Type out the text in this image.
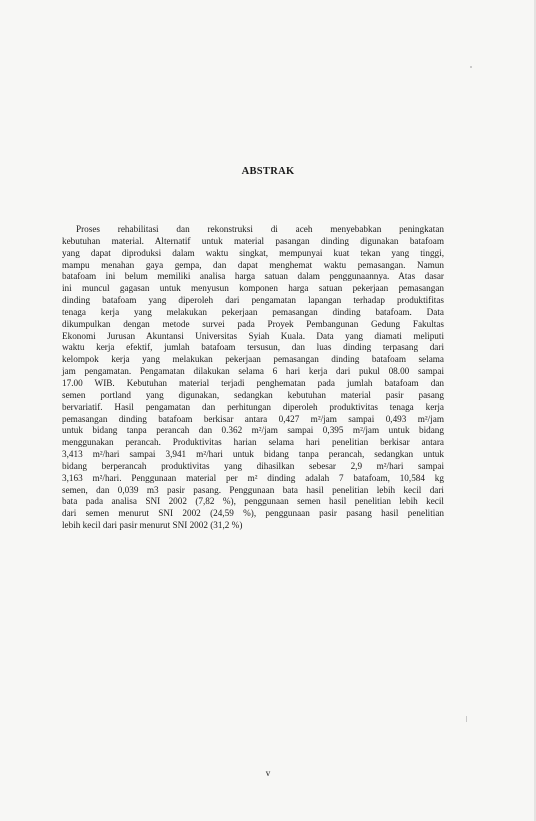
ABSTRAK
Proses rehabilitasi dan rekonstruksi di aceh menyebabkan peningkatan
kebutuhan material. Alternatif untuk material pasangan dinding digunakan batafoam
yang dapat diproduksi dalam waktu singkat, mempunyai kuat tekan yang tinggi,
mampu menahan gaya gempa, dan dapat menghemat waktu pemasangan. Namun
batafoam ini belum memiliki analisa harga satuan dalam penggunaannya. Atas dasar
ini muncul gagasan untuk menyusun komponen harga satuan pekerjaan pemasangan
dinding batafoam yang diperoleh dari pengamatan lapangan terhadap produktifitas
tenaga kerja yang melakukan pekerjaan pemasangan dinding batafoam. Data
dikumpulkan dengan metode survei pada Proyek Pembangunan Gedung Fakultas
Ekonomi Jurusan Akuntansi Universitas Syiah Kuala. Data yang diamati meliputi
waktu kerja efektif, jumlah batafoam tersusun, dan luas dinding terpasang dari
kelompok kerja yang melakukan pekerjaan pemasangan dinding batafoam selama
jam pengamatan. Pengamatan dilakukan selama 6 hari kerja dari pukul 08.00 sampai
17.00 WIB. Kebutuhan material terjadi penghematan pada jumlah batafoam dan
semen portland yang digunakan, sedangkan kebutuhan material pasir pasang
bervariatif. Hasil pengamatan dan perhitungan diperoleh produktivitas tenaga kerja
pemasangan dinding batafoam berkisar antara 0,427 m²/jam sampai 0,493 m²/jam
untuk bidang tanpa perancah dan 0.362 m²/jam sampai 0,395 m²/jam untuk bidang
menggunakan perancah. Produktivitas harian selama hari penelitian berkisar antara
3,413 m²/hari sampai 3,941 m²/hari untuk bidang tanpa perancah, sedangkan untuk
bidang berperancah produktivitas yang dihasilkan sebesar 2,9 m²/hari sampai
3,163 m²/hari. Penggunaan material per m² dinding adalah 7 batafoam, 10,584 kg
semen, dan 0,039 m3 pasir pasang. Penggunaan bata hasil penelitian lebih kecil dari
bata pada analisa SNI 2002 (7,82 %), penggunaan semen hasil penelitian lebih kecil
dari semen menurut SNI 2002 (24,59 %), penggunaan pasir pasang hasil penelitian
lebih kecil dari pasir menurut SNI 2002 (31,2 %)
v
